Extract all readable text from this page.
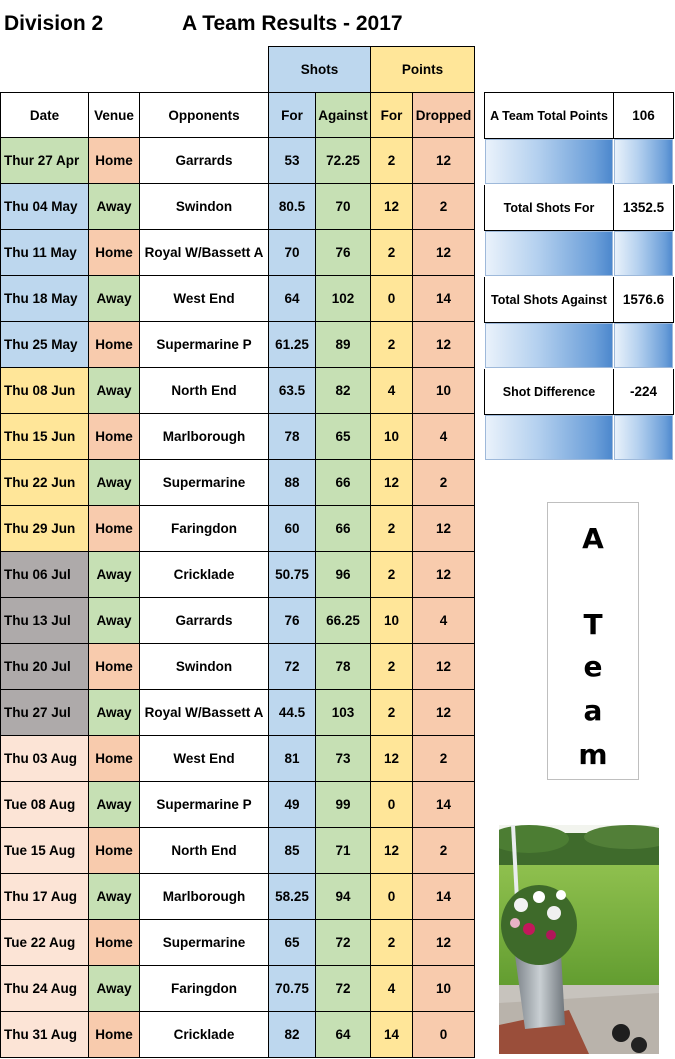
Division 2	A Team Results - 2017
			Shots		Points	
Date	Venue	Opponents	For	Against	For	Dropped
Thur 27 Apr	Home	Garrards	53	72.25	2	12
Thu 04 May	Away	Swindon	80.5	70	12	2
Thu 11 May	Home	Royal W/Bassett A	70	76	2	12
Thu 18 May	Away	West End	64	102	0	14
Thu 25 May	Home	Supermarine P	61.25	89	2	12
Thu 08 Jun	Away	North End	63.5	82	4	10
Thu 15 Jun	Home	Marlborough	78	65	10	4
Thu 22 Jun	Away	Supermarine	88	66	12	2
Thu 29 Jun	Home	Faringdon	60	66	2	12
Thu 06 Jul	Away	Cricklade	50.75	96	2	12
Thu 13 Jul	Away	Garrards	76	66.25	10	4
Thu 20 Jul	Home	Swindon	72	78	2	12
Thu 27 Jul	Away	Royal W/Bassett A	44.5	103	2	12
Thu 03 Aug	Home	West End	81	73	12	2
Tue 08 Aug	Away	Supermarine P	49	99	0	14
Tue 15 Aug	Home	North End	85	71	12	2
Thu 17 Aug	Away	Marlborough	58.25	94	0	14
Tue 22 Aug	Home	Supermarine	65	72	2	12
Thu 24 Aug	Away	Faringdon	70.75	72	4	10
Thu 31 Aug	Home	Cricklade	82	64	14	0
A Team Total Points	106

Total Shots For	1352.5

Total Shots Against	1576.6

Shot Difference	-224

A
T
e
a
m
